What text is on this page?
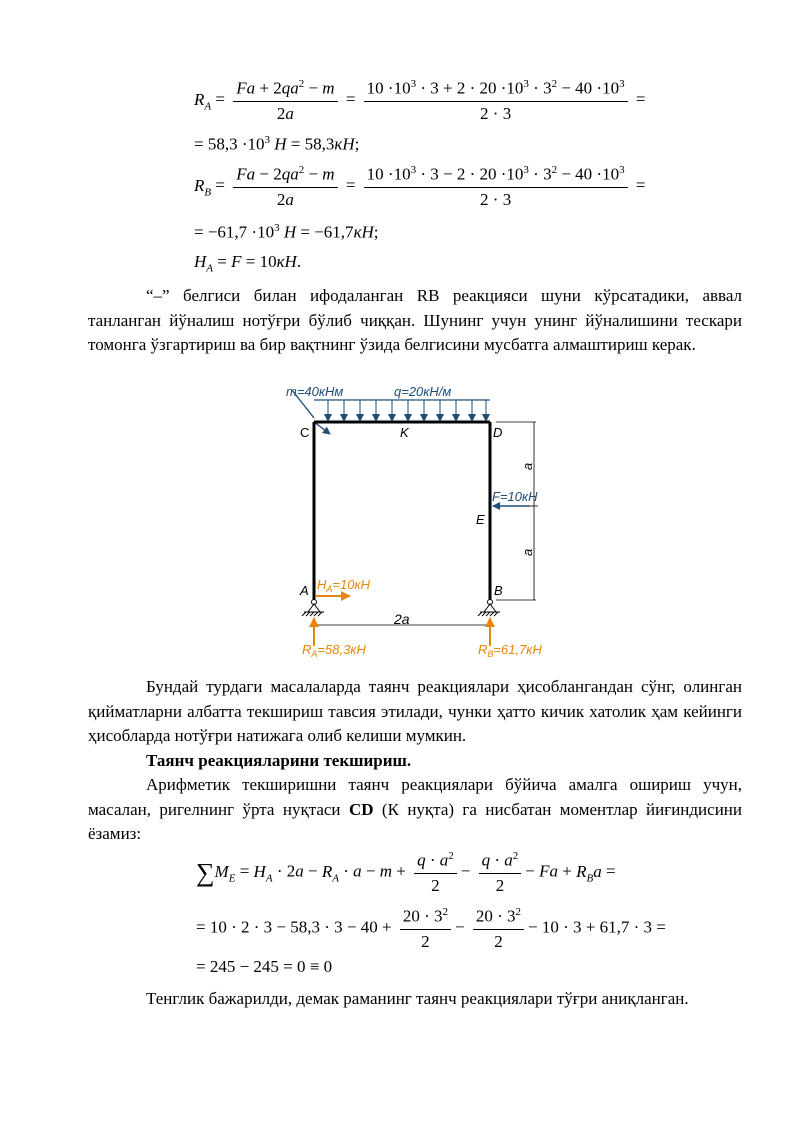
$R_A = \frac{Fa + 2qa^2 - m}{2a} = \frac{10 \cdot 10^3 \cdot 3 + 2 \cdot 20 \cdot 10^3 \cdot 3^2 - 40 \cdot 10^3}{2 \cdot 3}$ =
= $58,3 \cdot 10^3$ H = 58,3кН;
$R_B = \frac{Fa - 2qa^2 - m}{2a} = \frac{10 \cdot 10^3 \cdot 3 - 2 \cdot 20 \cdot 10^3 \cdot 3^2 - 40 \cdot 10^3}{2 \cdot 3}$ =
= $-61,7 \cdot 10^3$ H = −61,7кН;
$H_A = F = 10кН$.
“–” белгиси билан ифодаланган RB реакцияси шуни кўрсатадики, аввал танланган йўналиш нотўғри бўлиб чиққан. Шунинг учун унинг йўналишини тескари томонга ўзгартириш ва бир вақтнинг ўзида белгисини мусбатга алмаштириш керак.
m=40кНм	q=20кН/м
C	K	D
E
A	B
a
a
F=10кН
$H_A=10кН$
2a
$R_A=58,3кН$	$R_B=61,7кН$
Бундай турдаги масалаларда таянч реакциялари ҳисоблангандан сўнг, олинган қийматларни албатта текшириш тавсия этилади, чунки ҳатто кичик хатолик ҳам кейинги ҳисобларда нотўғри натижага олиб келиши мумкин.
Таянч реакцияларини текшириш.
Арифметик текширишни таянч реакциялари бўйича амалга ошириш учун, масалан, ригелнинг ўрта нуқтаси CD (К нуқта) га нисбатан моментлар йиғиндисини ёзамиз:
$\sum M_E = H_A \cdot 2a - R_A \cdot a - m + \frac{q \cdot a^2}{2} - \frac{q \cdot a^2}{2} - Fa + R_Ba$ =
= $10 \cdot 2 \cdot 3 - 58,3 \cdot 3 - 40 + \frac{20 \cdot 3^2}{2} - \frac{20 \cdot 3^2}{2} - 10 \cdot 3 + 61,7 \cdot 3$ =
= 245 − 245 = 0 ≡ 0
Тенглик бажарилди, демак раманинг таянч реакциялари тўғри аниқланган.
